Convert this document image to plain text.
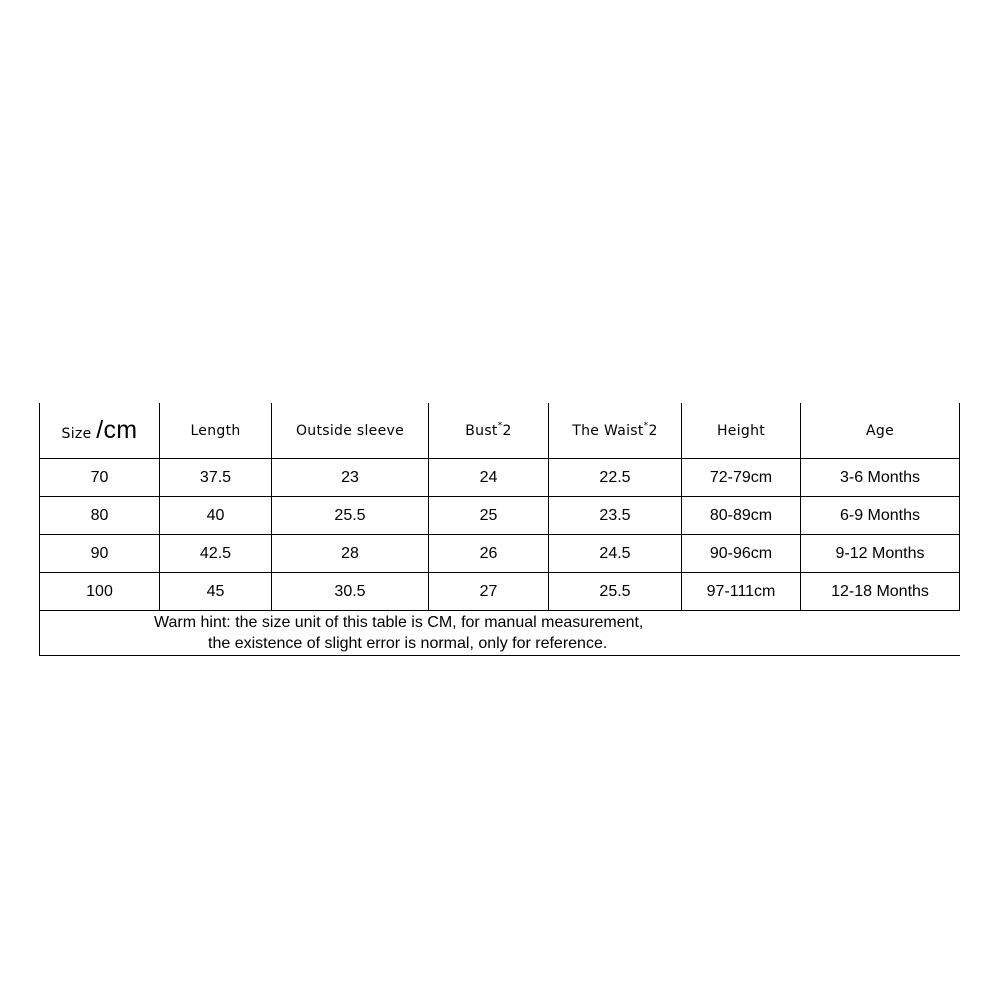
Size /cm	Length	Outside sleeve	Bust*2	The Waist*2	Height	Age
70	37.5	23	24	22.5	72-79cm	3-6 Months
80	40	25.5	25	23.5	80-89cm	6-9 Months
90	42.5	28	26	24.5	90-96cm	9-12 Months
100	45	30.5	27	25.5	97-111cm	12-18 Months

Warm hint: the size unit of this table is CM, for manual measurement,
the existence of slight error is normal, only for reference.						
